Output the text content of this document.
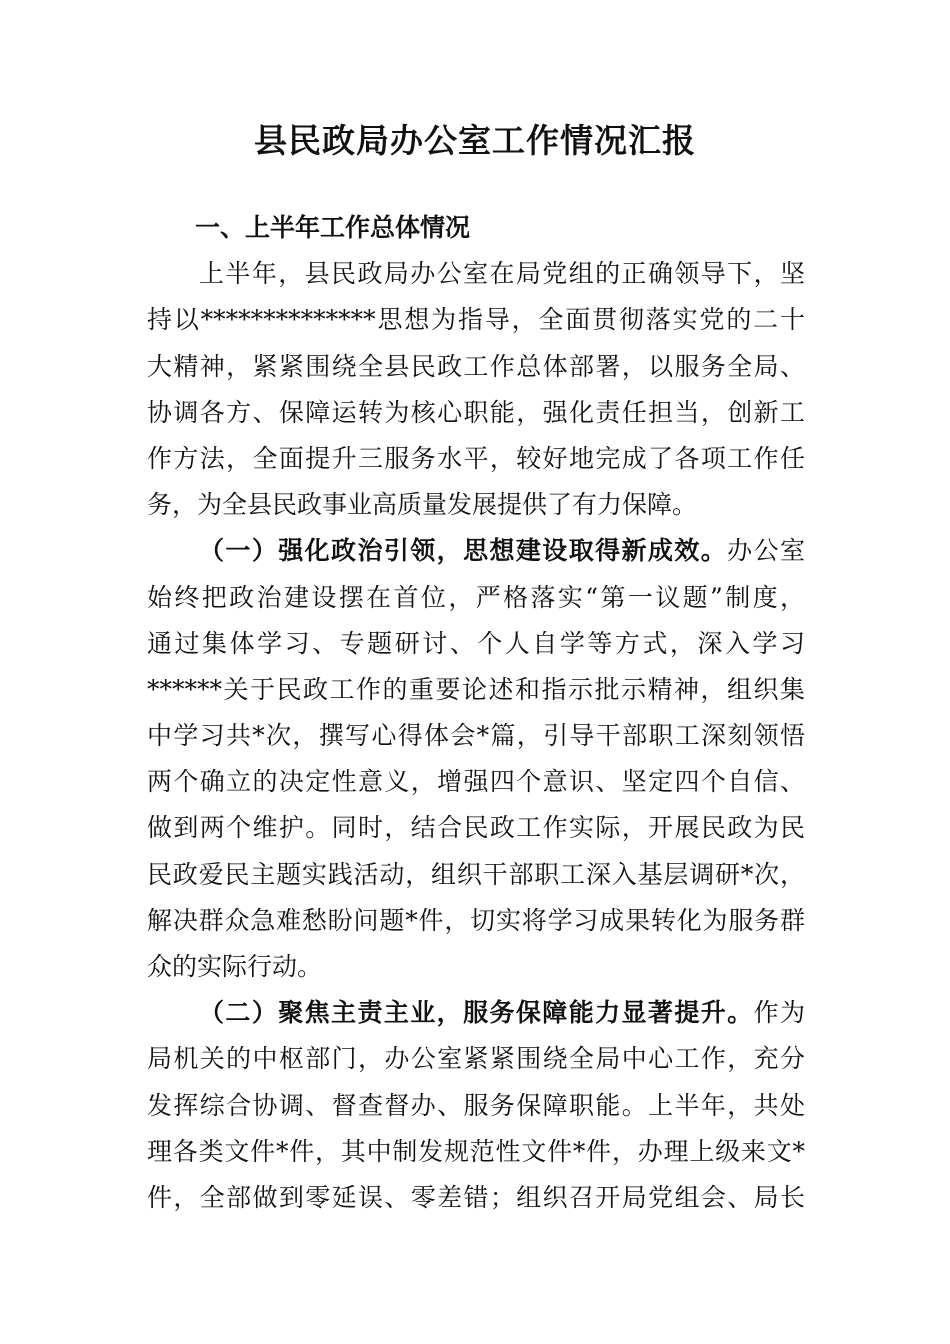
县民政局办公室工作情况汇报
一、上半年工作总体情况
上半年，县民政局办公室在局党组的正确领导下，坚
持以**************思想为指导，全面贯彻落实党的二十
大精神，紧紧围绕全县民政工作总体部署，以服务全局、
协调各方、保障运转为核心职能，强化责任担当，创新工
作方法，全面提升三服务水平，较好地完成了各项工作任
务，为全县民政事业高质量发展提供了有力保障。
（一）强化政治引领，思想建设取得新成效。办公室
始终把政治建设摆在首位，严格落实“第一议题”制度，
通过集体学习、专题研讨、个人自学等方式，深入学习
******关于民政工作的重要论述和指示批示精神，组织集
中学习共*次，撰写心得体会*篇，引导干部职工深刻领悟
两个确立的决定性意义，增强四个意识、坚定四个自信、
做到两个维护。同时，结合民政工作实际，开展民政为民
民政爱民主题实践活动，组织干部职工深入基层调研*次，
解决群众急难愁盼问题*件，切实将学习成果转化为服务群
众的实际行动。
（二）聚焦主责主业，服务保障能力显著提升。作为
局机关的中枢部门，办公室紧紧围绕全局中心工作，充分
发挥综合协调、督查督办、服务保障职能。上半年，共处
理各类文件*件，其中制发规范性文件*件，办理上级来文*
件，全部做到零延误、零差错；组织召开局党组会、局长
